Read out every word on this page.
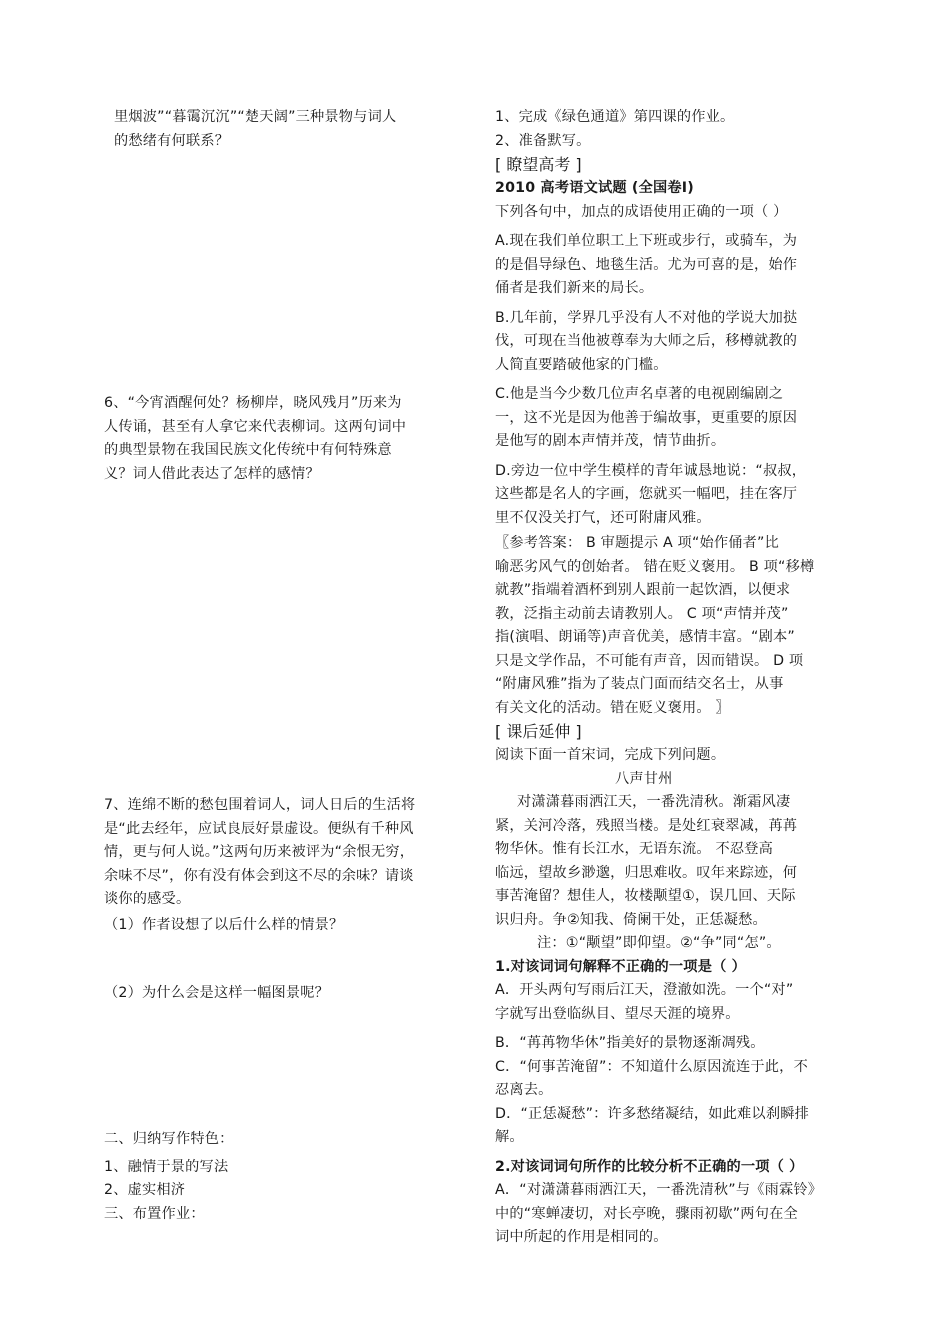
里烟波”“暮霭沉沉”“楚天阔”三种景物与词人
的愁绪有何联系？
6、“今宵酒醒何处？杨柳岸，晓风残月”历来为
人传诵，甚至有人拿它来代表柳词。这两句词中
的典型景物在我国民族文化传统中有何特殊意
义？词人借此表达了怎样的感情？
7、连绵不断的愁包围着词人，词人日后的生活将
是“此去经年，应试良辰好景虚设。便纵有千种风
情，更与何人说。”这两句历来被评为“余恨无穷，
余味不尽”，你有没有体会到这不尽的余味？请谈
谈你的感受。
（1）作者设想了以后什么样的情景？
（2）为什么会是这样一幅图景呢？
二、归纳写作特色：
1、融情于景的写法
2、虚实相济
三、布置作业：
1、完成《绿色通道》第四课的作业。
2、准备默写。
[ 瞭望高考 ]
2010 高考语文试题 (全国卷Ⅰ)
下列各句中，加点的成语使用正确的一项（ ）
A.现在我们单位职工上下班或步行，或骑车，为
的是倡导绿色、地毯生活。尤为可喜的是，始作
俑者是我们新来的局长。
B.几年前，学界几乎没有人不对他的学说大加挞
伐，可现在当他被尊奉为大师之后，移樽就教的
人简直要踏破他家的门槛。
C.他是当今少数几位声名卓著的电视剧编剧之
一，这不光是因为他善于编故事，更重要的原因
是他写的剧本声情并茂，情节曲折。
D.旁边一位中学生模样的青年诚恳地说：“叔叔，
这些都是名人的字画，您就买一幅吧，挂在客厅
里不仅没关打气，还可附庸风雅。
〖参考答案： B 审题提示 A 项“始作俑者”比
喻恶劣风气的创始者。 错在贬义褒用。 B 项“移樽
就教”指端着酒杯到别人跟前一起饮酒，以便求
教，泛指主动前去请教别人。 C 项“声情并茂”
指(演唱、朗诵等)声音优美，感情丰富。“剧本”
只是文学作品，不可能有声音，因而错误。 D 项
“附庸风雅”指为了装点门面而结交名士，从事
有关文化的活动。错在贬义褒用。 〗
[ 课后延伸 ]
阅读下面一首宋词，完成下列问题。
八声甘州
对潇潇暮雨洒江天，一番洗清秋。渐霜风凄
紧，关河冷落，残照当楼。是处红衰翠减，苒苒
物华休。惟有长江水，无语东流。 不忍登高
临远，望故乡渺邈，归思难收。叹年来踪迹，何
事苦淹留？想佳人，妆楼颙望①，误几回、天际
识归舟。争②知我、倚阑干处，正恁凝愁。
注：①“颙望”即仰望。②“争”同“怎”。
1.对该词词句解释不正确的一项是（ ）
A．开头两句写雨后江天，澄澈如洗。一个“对”
字就写出登临纵目、望尽天涯的境界。
B．“苒苒物华休”指美好的景物逐渐凋残。
C．“何事苦淹留”：不知道什么原因流连于此，不
忍离去。
D．“正恁凝愁”：许多愁绪凝结，如此难以刹瞬排
解。
2.对该词词句所作的比较分析不正确的一项（ ）
A．“对潇潇暮雨洒江天，一番洗清秋”与《雨霖铃》
中的“寒蝉凄切，对长亭晚，骤雨初歇”两句在全
词中所起的作用是相同的。
